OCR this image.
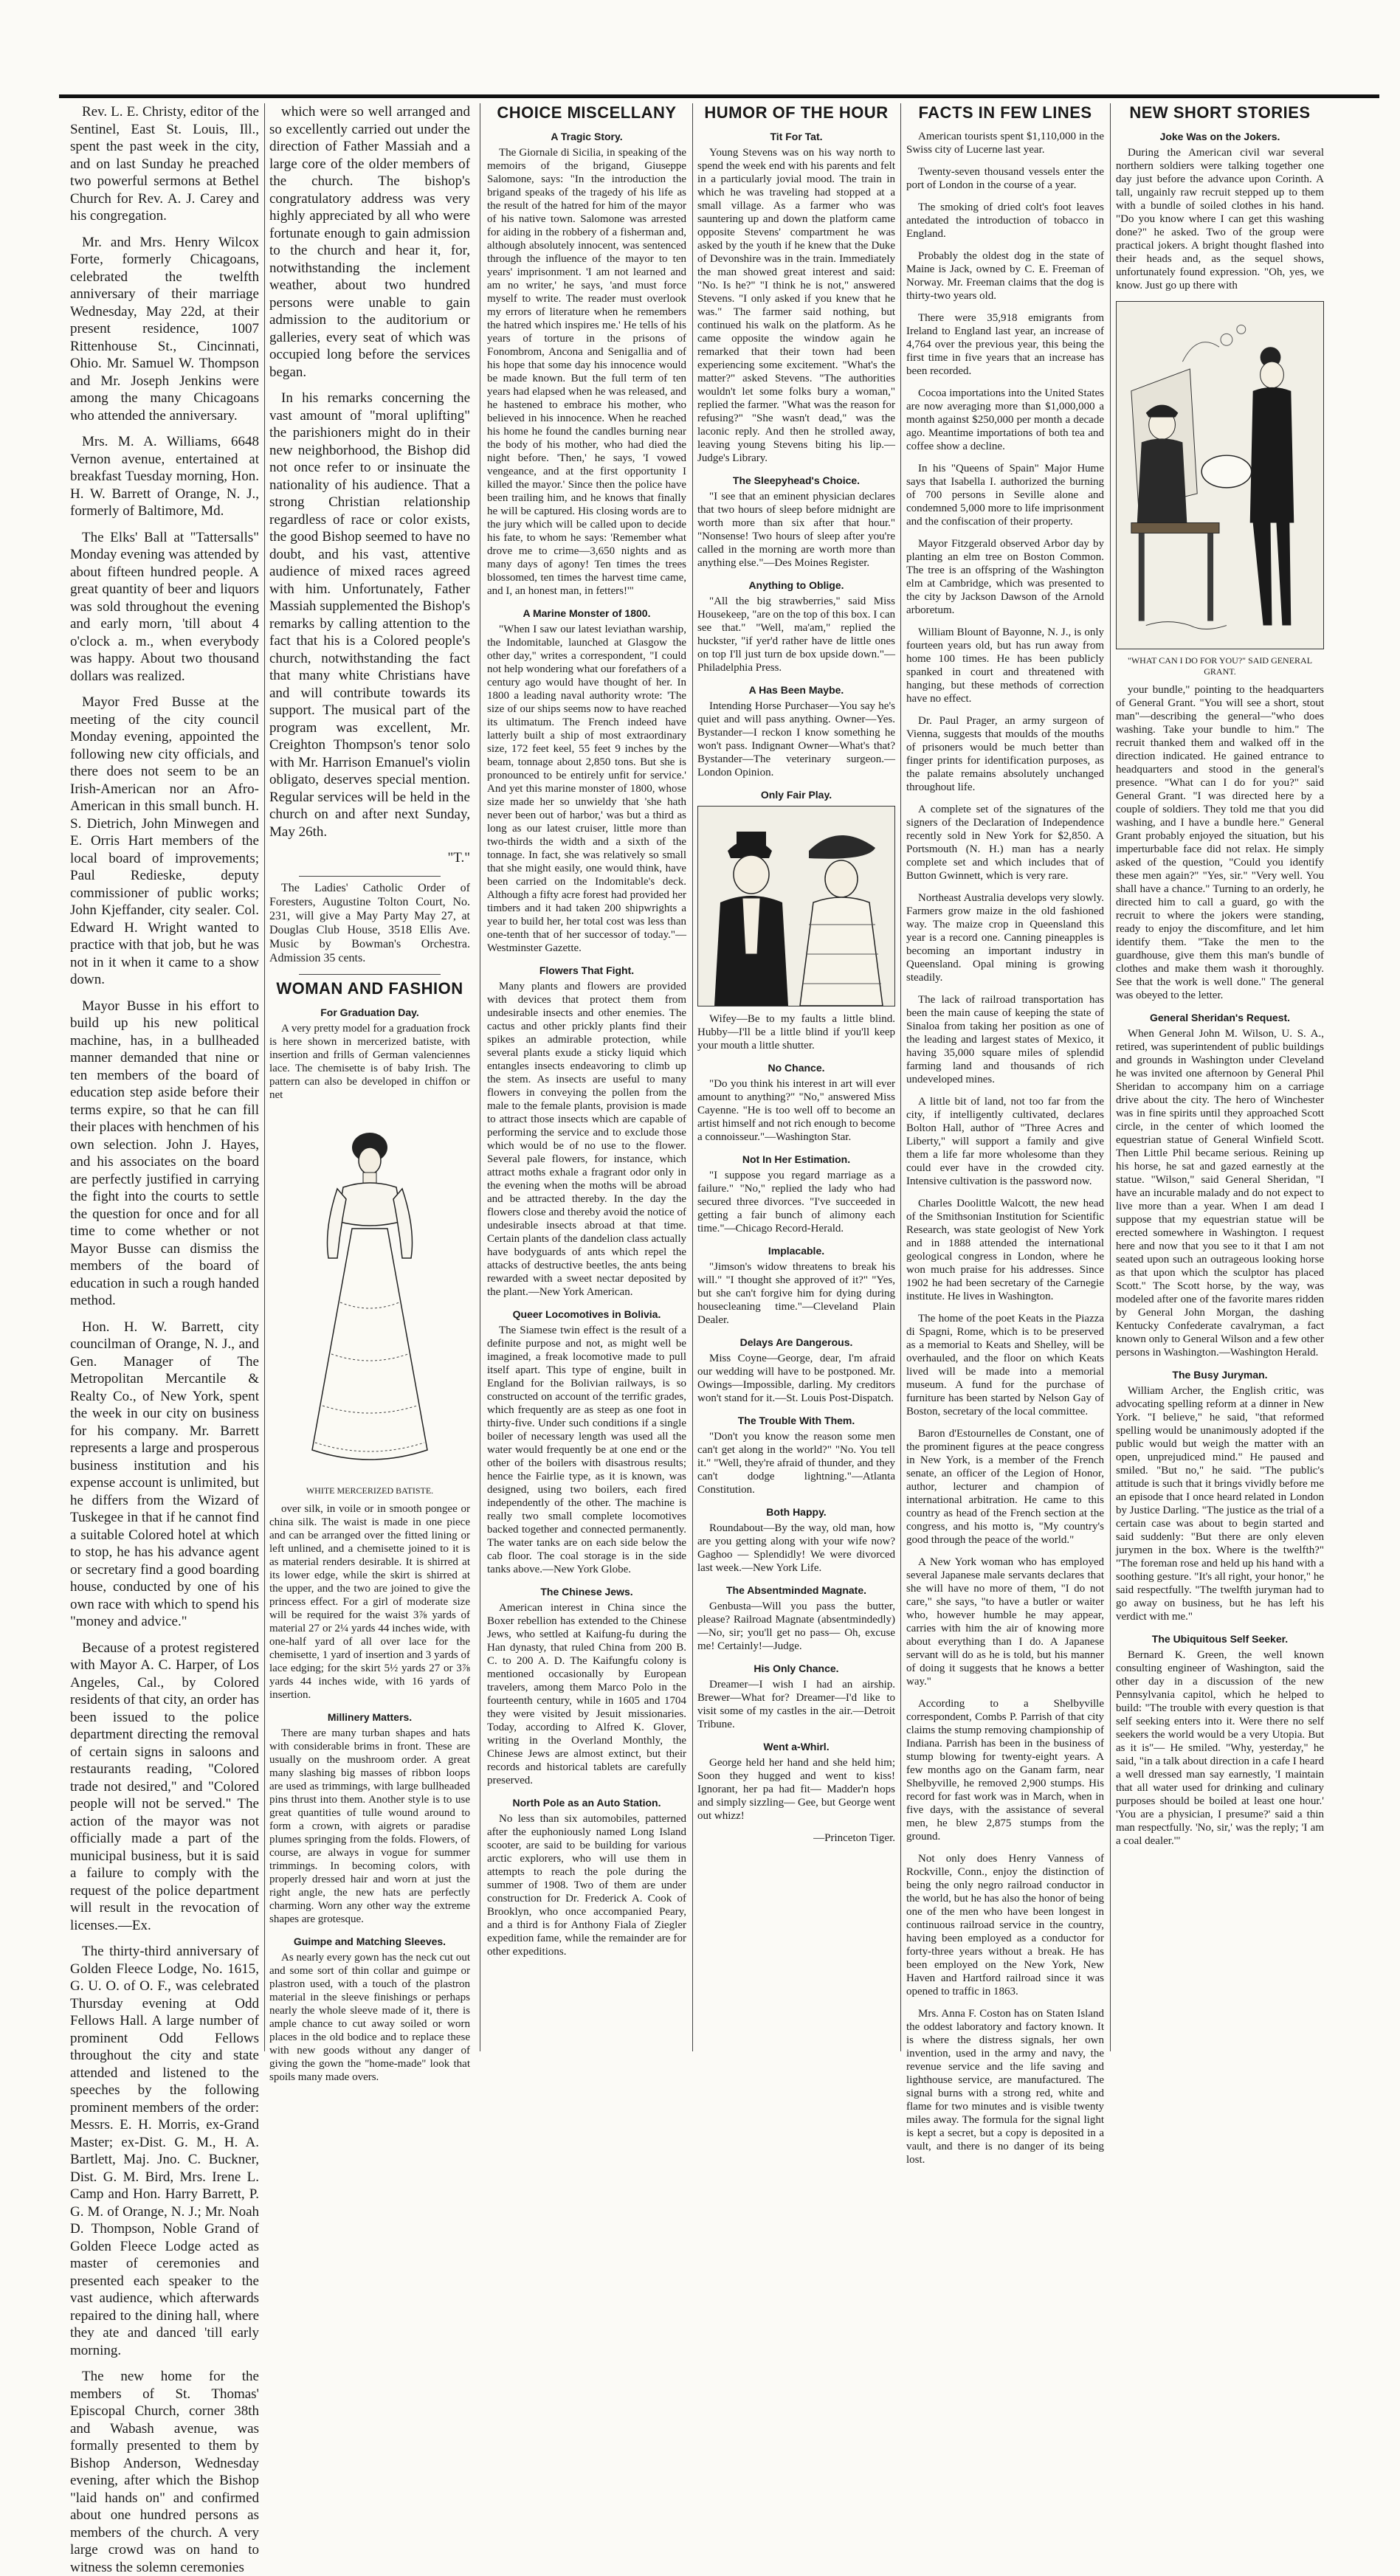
Rev. L. E. Christy, editor of the Sentinel, East St. Louis, Ill., spent the past week in the city, and on last Sunday he preached two powerful sermons at Bethel Church for Rev. A. J. Carey and his congregation.

Mr. and Mrs. Henry Wilcox Forte, formerly Chicagoans, celebrated the twelfth anniversary of their marriage Wednesday, May 22d, at their present residence, 1007 Rittenhouse St., Cincinnati, Ohio. Mr. Samuel W. Thompson and Mr. Joseph Jenkins were among the many Chicagoans who attended the anniversary.

Mrs. M. A. Williams, 6648 Vernon avenue, entertained at breakfast Tuesday morning, Hon. H. W. Barrett of Orange, N. J., formerly of Baltimore, Md.

The Elks' Ball at "Tattersalls" Monday evening was attended by about fifteen hundred people. A great quantity of beer and liquors was sold throughout the evening and early morn, 'till about 4 o'clock a. m., when everybody was happy. About two thousand dollars was realized.

Mayor Fred Busse at the meeting of the city council Monday evening, appointed the following new city officials, and there does not seem to be an Irish-American nor an Afro-American in this small bunch. H. S. Dietrich, John Minwegen and E. Orris Hart members of the local board of improvements; Paul Redieske, deputy commissioner of public works; John Kjeffander, city sealer. Col. Edward H. Wright wanted to practice with that job, but he was not in it when it came to a show down.

Mayor Busse in his effort to build up his new political machine, has, in a bullheaded manner demanded that nine or ten members of the board of education step aside before their terms expire, so that he can fill their places with henchmen of his own selection. John J. Hayes, and his associates on the board are perfectly justified in carrying the fight into the courts to settle the question for once and for all time to come whether or not Mayor Busse can dismiss the members of the board of education in such a rough handed method.

Hon. H. W. Barrett, city councilman of Orange, N. J., and Gen. Manager of The Metropolitan Mercantile & Realty Co., of New York, spent the week in our city on business for his company. Mr. Barrett represents a large and prosperous business institution and his expense account is unlimited, but he differs from the Wizard of Tuskegee in that if he cannot find a suitable Colored hotel at which to stop, he has his advance agent or secretary find a good boarding house, conducted by one of his own race with which to spend his "money and advice."

Because of a protest registered with Mayor A. C. Harper, of Los Angeles, Cal., by Colored residents of that city, an order has been issued to the police department directing the removal of certain signs in saloons and restaurants reading, "Colored trade not desired," and "Colored people will not be served." The action of the mayor was not officially made a part of the municipal business, but it is said a failure to comply with the request of the police department will result in the revocation of licenses.—Ex.

The thirty-third anniversary of Golden Fleece Lodge, No. 1615, G. U. O. of O. F., was celebrated Thursday evening at Odd Fellows Hall. A large number of prominent Odd Fellows throughout the city and state attended and listened to the speeches by the following prominent members of the order: Messrs. E. H. Morris, ex-Grand Master; ex-Dist. G. M., H. A. Bartlett, Maj. Jno. C. Buckner, Dist. G. M. Bird, Mrs. Irene L. Camp and Hon. Harry Barrett, P. G. M. of Orange, N. J.; Mr. Noah D. Thompson, Noble Grand of Golden Fleece Lodge acted as master of ceremonies and presented each speaker to the vast audience, which afterwards repaired to the dining hall, where they ate and danced 'till early morning.

The new home for the members of St. Thomas' Episcopal Church, corner 38th and Wabash avenue, was formally presented to them by Bishop Anderson, Wednesday evening, after which the Bishop "laid hands on" and confirmed about one hundred persons as members of the church. A very large crowd was on hand to witness the solemn ceremonies

which were so well arranged and so excellently carried out under the direction of Father Massiah and a large core of the older members of the church. The bishop's congratulatory address was very highly appreciated by all who were fortunate enough to gain admission to the church and hear it, for, notwithstanding the inclement weather, about two hundred persons were unable to gain admission to the auditorium or galleries, every seat of which was occupied long before the services began.

In his remarks concerning the vast amount of "moral uplifting" the parishioners might do in their new neighborhood, the Bishop did not once refer to or insinuate the nationality of his audience. That a strong Christian relationship regardless of race or color exists, the good Bishop seemed to have no doubt, and his vast, attentive audience of mixed races agreed with him. Unfortunately, Father Massiah supplemented the Bishop's remarks by calling attention to the fact that his is a Colored people's church, notwithstanding the fact that many white Christians have and will contribute towards its support. The musical part of the program was excellent, Mr. Creighton Thompson's tenor solo with Mr. Harrison Emanuel's violin obligato, deserves special mention. Regular services will be held in the church on and after next Sunday, May 26th.

"T."

The Ladies' Catholic Order of Foresters, Augustine Tolton Court, No. 231, will give a May Party May 27, at Douglas Club House, 3518 Ellis Ave. Music by Bowman's Orchestra. Admission 35 cents.

WOMAN AND FASHION
For Graduation Day.

A very pretty model for a graduation frock is here shown in mercerized batiste, with insertion and frills of German valenciennes lace. The chemisette is of baby Irish. The pattern can also be developed in chiffon or net

WHITE MERCERIZED BATISTE.

over silk, in voile or in smooth pongee or china silk. The waist is made in one piece and can be arranged over the fitted lining or left unlined, and a chemisette joined to it is as material renders desirable. It is shirred at its lower edge, while the skirt is shirred at the upper, and the two are joined to give the princess effect. For a girl of moderate size will be required for the waist 3⅞ yards of material 27 or 2¼ yards 44 inches wide, with one-half yard of all over lace for the chemisette, 1 yard of insertion and 3 yards of lace edging; for the skirt 5½ yards 27 or 3⅞ yards 44 inches wide, with 16 yards of insertion.

Millinery Matters.

There are many turban shapes and hats with considerable brims in front. These are usually on the mushroom order. A great many slashing big masses of ribbon loops are used as trimmings, with large bullheaded pins thrust into them. Another style is to use great quantities of tulle wound around to form a crown, with aigrets or paradise plumes springing from the folds. Flowers, of course, are always in vogue for summer trimmings. In becoming colors, with properly dressed hair and worn at just the right angle, the new hats are perfectly charming. Worn any other way the extreme shapes are grotesque.

Guimpe and Matching Sleeves.

As nearly every gown has the neck cut out and some sort of thin collar and guimpe or plastron used, with a touch of the plastron material in the sleeve finishings or perhaps nearly the whole sleeve made of it, there is ample chance to cut away soiled or worn places in the old bodice and to replace these with new goods without any danger of giving the gown the "home-made" look that spoils many made overs.

CHOICE MISCELLANY
A Tragic Story.

The Giornale di Sicilia, in speaking of the memoirs of the brigand, Giuseppe Salomone, says: "In the introduction the brigand speaks of the tragedy of his life as the result of the hatred for him of the mayor of his native town. Salomone was arrested for aiding in the robbery of a fisherman and, although absolutely innocent, was sentenced through the influence of the mayor to ten years' imprisonment. 'I am not learned and am no writer,' he says, 'and must force myself to write. The reader must overlook my errors of literature when he remembers the hatred which inspires me.' He tells of his years of torture in the prisons of Fonombrom, Ancona and Senigallia and of his hope that some day his innocence would be made known. But the full term of ten years had elapsed when he was released, and he hastened to embrace his mother, who believed in his innocence. When he reached his home he found the candles burning near the body of his mother, who had died the night before. 'Then,' he says, 'I vowed vengeance, and at the first opportunity I killed the mayor.' Since then the police have been trailing him, and he knows that finally he will be captured. His closing words are to the jury which will be called upon to decide his fate, to whom he says: 'Remember what drove me to crime—3,650 nights and as many days of agony! Ten times the trees blossomed, ten times the harvest time came, and I, an honest man, in fetters!'"

A Marine Monster of 1800.

"When I saw our latest leviathan warship, the Indomitable, launched at Glasgow the other day," writes a correspondent, "I could not help wondering what our forefathers of a century ago would have thought of her. In 1800 a leading naval authority wrote: 'The size of our ships seems now to have reached its ultimatum. The French indeed have latterly built a ship of most extraordinary size, 172 feet keel, 55 feet 9 inches by the beam, tonnage about 2,850 tons. But she is pronounced to be entirely unfit for service.' And yet this marine monster of 1800, whose size made her so unwieldy that 'she hath never been out of harbor,' was but a third as long as our latest cruiser, little more than two-thirds the width and a sixth of the tonnage. In fact, she was relatively so small that she might easily, one would think, have been carried on the Indomitable's deck. Although a fifty acre forest had provided her timbers and it had taken 200 shipwrights a year to build her, her total cost was less than one-tenth that of her successor of today."—Westminster Gazette.

Flowers That Fight.

Many plants and flowers are provided with devices that protect them from undesirable insects and other enemies. The cactus and other prickly plants find their spikes an admirable protection, while several plants exude a sticky liquid which entangles insects endeavoring to climb up the stem. As insects are useful to many flowers in conveying the pollen from the male to the female plants, provision is made to attract those insects which are capable of performing the service and to exclude those which would be of no use to the flower. Several pale flowers, for instance, which attract moths exhale a fragrant odor only in the evening when the moths will be abroad and be attracted thereby. In the day the flowers close and thereby avoid the notice of undesirable insects abroad at that time. Certain plants of the dandelion class actually have bodyguards of ants which repel the attacks of destructive beetles, the ants being rewarded with a sweet nectar deposited by the plant.—New York American.

Queer Locomotives in Bolivia.

The Siamese twin effect is the result of a definite purpose and not, as might well be imagined, a freak locomotive made to pull itself apart. This type of engine, built in England for the Bolivian railways, is so constructed on account of the terrific grades, which frequently are as steep as one foot in thirty-five. Under such conditions if a single boiler of necessary length was used all the water would frequently be at one end or the other of the boilers with disastrous results; hence the Fairlie type, as it is known, was designed, using two boilers, each fired independently of the other. The machine is really two small complete locomotives backed together and connected permanently. The water tanks are on each side below the cab floor. The coal storage is in the side tanks above.—New York Globe.

The Chinese Jews.

American interest in China since the Boxer rebellion has extended to the Chinese Jews, who settled at Kaifung-fu during the Han dynasty, that ruled China from 200 B. C. to 200 A. D. The Kaifungfu colony is mentioned occasionally by European travelers, among them Marco Polo in the fourteenth century, while in 1605 and 1704 they were visited by Jesuit missionaries. Today, according to Alfred K. Glover, writing in the Overland Monthly, the Chinese Jews are almost extinct, but their records and historical tablets are carefully preserved.

North Pole as an Auto Station.

No less than six automobiles, patterned after the euphoniously named Long Island scooter, are said to be building for various arctic explorers, who will use them in attempts to reach the pole during the summer of 1908. Two of them are under construction for Dr. Frederick A. Cook of Brooklyn, who once accompanied Peary, and a third is for Anthony Fiala of Ziegler expedition fame, while the remainder are for other expeditions.

HUMOR OF THE HOUR
Tit For Tat.

Young Stevens was on his way north to spend the week end with his parents and felt in a particularly jovial mood. The train in which he was traveling had stopped at a small village. As a farmer who was sauntering up and down the platform came opposite Stevens' compartment he was asked by the youth if he knew that the Duke of Devonshire was in the train. Immediately the man showed great interest and said: "No. Is he?" "I think he is not," answered Stevens. "I only asked if you knew that he was." The farmer said nothing, but continued his walk on the platform. As he came opposite the window again he remarked that their town had been experiencing some excitement. "What's the matter?" asked Stevens. "The authorities wouldn't let some folks bury a woman," replied the farmer. "What was the reason for refusing?" "She wasn't dead," was the laconic reply. And then he strolled away, leaving young Stevens biting his lip.—Judge's Library.

The Sleepyhead's Choice.

"I see that an eminent physician declares that two hours of sleep before midnight are worth more than six after that hour." "Nonsense! Two hours of sleep after you're called in the morning are worth more than anything else."—Des Moines Register.

Anything to Oblige.

"All the big strawberries," said Miss Housekeep, "are on the top of this box. I can see that." "Well, ma'am," replied the huckster, "if yer'd rather have de little ones on top I'll just turn de box upside down."—Philadelphia Press.

A Has Been Maybe.

Intending Horse Purchaser—You say he's quiet and will pass anything. Owner—Yes. Bystander—I reckon I know something he won't pass. Indignant Owner—What's that? Bystander—The veterinary surgeon.—London Opinion.

Only Fair Play.

Wifey—Be to my faults a little blind. Hubby—I'll be a little blind if you'll keep your mouth a little shutter.

No Chance.

"Do you think his interest in art will ever amount to anything?" "No," answered Miss Cayenne. "He is too well off to become an artist himself and not rich enough to become a connoisseur."—Washington Star.

Not In Her Estimation.

"I suppose you regard marriage as a failure." "No," replied the lady who had secured three divorces. "I've succeeded in getting a fair bunch of alimony each time."—Chicago Record-Herald.

Implacable.

"Jimson's widow threatens to break his will." "I thought she approved of it?" "Yes, but she can't forgive him for dying during housecleaning time."—Cleveland Plain Dealer.

Delays Are Dangerous.

Miss Coyne—George, dear, I'm afraid our wedding will have to be postponed. Mr. Owings—Impossible, darling. My creditors won't stand for it.—St. Louis Post-Dispatch.

The Trouble With Them.

"Don't you know the reason some men can't get along in the world?" "No. You tell it." "Well, they're afraid of thunder, and they can't dodge lightning."—Atlanta Constitution.

Both Happy.

Roundabout—By the way, old man, how are you getting along with your wife now? Gaghoo — Splendidly! We were divorced last week.—New York Life.

The Absentminded Magnate.

Genbusta—Will you pass the butter, please? Railroad Magnate (absentmindedly)—No, sir; you'll get no pass— Oh, excuse me! Certainly!—Judge.

His Only Chance.

Dreamer—I wish I had an airship. Brewer—What for? Dreamer—I'd like to visit some of my castles in the air.—Detroit Tribune.

Went a-Whirl.

George held her hand and she held him; Soon they hugged and went to kiss! Ignorant, her pa had fit— Madder'n hops and simply sizzling— Gee, but George went out whizz!

—Princeton Tiger.

FACTS IN FEW LINES

American tourists spent $1,110,000 in the Swiss city of Lucerne last year.

Twenty-seven thousand vessels enter the port of London in the course of a year.

The smoking of dried colt's foot leaves antedated the introduction of tobacco in England.

Probably the oldest dog in the state of Maine is Jack, owned by C. E. Freeman of Norway. Mr. Freeman claims that the dog is thirty-two years old.

There were 35,918 emigrants from Ireland to England last year, an increase of 4,764 over the previous year, this being the first time in five years that an increase has been recorded.

Cocoa importations into the United States are now averaging more than $1,000,000 a month against $250,000 per month a decade ago. Meantime importations of both tea and coffee show a decline.

In his "Queens of Spain" Major Hume says that Isabella I. authorized the burning of 700 persons in Seville alone and condemned 5,000 more to life imprisonment and the confiscation of their property.

Mayor Fitzgerald observed Arbor day by planting an elm tree on Boston Common. The tree is an offspring of the Washington elm at Cambridge, which was presented to the city by Jackson Dawson of the Arnold arboretum.

William Blount of Bayonne, N. J., is only fourteen years old, but has run away from home 100 times. He has been publicly spanked in court and threatened with hanging, but these methods of correction have no effect.

Dr. Paul Prager, an army surgeon of Vienna, suggests that moulds of the mouths of prisoners would be much better than finger prints for identification purposes, as the palate remains absolutely unchanged throughout life.

A complete set of the signatures of the signers of the Declaration of Independence recently sold in New York for $2,850. A Portsmouth (N. H.) man has a nearly complete set and which includes that of Button Gwinnett, which is very rare.

Northeast Australia develops very slowly. Farmers grow maize in the old fashioned way. The maize crop in Queensland this year is a record one. Canning pineapples is becoming an important industry in Queensland. Opal mining is growing steadily.

The lack of railroad transportation has been the main cause of keeping the state of Sinaloa from taking her position as one of the leading and largest states of Mexico, it having 35,000 square miles of splendid farming land and thousands of rich undeveloped mines.

A little bit of land, not too far from the city, if intelligently cultivated, declares Bolton Hall, author of "Three Acres and Liberty," will support a family and give them a life far more wholesome than they could ever have in the crowded city. Intensive cultivation is the password now.

Charles Doolittle Walcott, the new head of the Smithsonian Institution for Scientific Research, was state geologist of New York and in 1888 attended the international geological congress in London, where he won much praise for his addresses. Since 1902 he had been secretary of the Carnegie institute. He lives in Washington.

The home of the poet Keats in the Piazza di Spagni, Rome, which is to be preserved as a memorial to Keats and Shelley, will be overhauled, and the floor on which Keats lived will be made into a memorial museum. A fund for the purchase of furniture has been started by Nelson Gay of Boston, secretary of the local committee.

Baron d'Estournelles de Constant, one of the prominent figures at the peace congress in New York, is a member of the French senate, an officer of the Legion of Honor, author, lecturer and champion of international arbitration. He came to this country as head of the French section at the congress, and his motto is, "My country's good through the peace of the world."

A New York woman who has employed several Japanese male servants declares that she will have no more of them, "I do not care," she says, "to have a butler or waiter who, however humble he may appear, carries with him the air of knowing more about everything than I do. A Japanese servant will do as he is told, but his manner of doing it suggests that he knows a better way."

According to a Shelbyville correspondent, Combs P. Parrish of that city claims the stump removing championship of Indiana. Parrish has been in the business of stump blowing for twenty-eight years. A few months ago on the Ganam farm, near Shelbyville, he removed 2,900 stumps. His record for fast work was in March, when in five days, with the assistance of several men, he blew 2,875 stumps from the ground.

Not only does Henry Vanness of Rockville, Conn., enjoy the distinction of being the only negro railroad conductor in the world, but he has also the honor of being one of the men who have been longest in continuous railroad service in the country, having been employed as a conductor for forty-three years without a break. He has been employed on the New York, New Haven and Hartford railroad since it was opened to traffic in 1863.

Mrs. Anna F. Coston has on Staten Island the oddest laboratory and factory known. It is where the distress signals, her own invention, used in the army and navy, the revenue service and the life saving and lighthouse service, are manufactured. The signal burns with a strong red, white and flame for two minutes and is visible twenty miles away. The formula for the signal light is kept a secret, but a copy is deposited in a vault, and there is no danger of its being lost.

NEW SHORT STORIES
Joke Was on the Jokers.

During the American civil war several northern soldiers were talking together one day just before the advance upon Corinth. A tall, ungainly raw recruit stepped up to them with a bundle of soiled clothes in his hand. "Do you know where I can get this washing done?" he asked. Two of the group were practical jokers. A bright thought flashed into their heads and, as the sequel shows, unfortunately found expression. "Oh, yes, we know. Just go up there with

"WHAT CAN I DO FOR YOU?" SAID GENERAL GRANT.

your bundle," pointing to the headquarters of General Grant. "You will see a short, stout man"—describing the general—"who does washing. Take your bundle to him." The recruit thanked them and walked off in the direction indicated. He gained entrance to headquarters and stood in the general's presence. "What can I do for you?" said General Grant. "I was directed here by a couple of soldiers. They told me that you did washing, and I have a bundle here." General Grant probably enjoyed the situation, but his imperturbable face did not relax. He simply asked of the question, "Could you identify these men again?" "Yes, sir." "Very well. You shall have a chance." Turning to an orderly, he directed him to call a guard, go with the recruit to where the jokers were standing, ready to enjoy the discomfiture, and let him identify them. "Take the men to the guardhouse, give them this man's bundle of clothes and make them wash it thoroughly. See that the work is well done." The general was obeyed to the letter.

General Sheridan's Request.

When General John M. Wilson, U. S. A., retired, was superintendent of public buildings and grounds in Washington under Cleveland he was invited one afternoon by General Phil Sheridan to accompany him on a carriage drive about the city. The hero of Winchester was in fine spirits until they approached Scott circle, in the center of which loomed the equestrian statue of General Winfield Scott. Then Little Phil became serious. Reining up his horse, he sat and gazed earnestly at the statue. "Wilson," said General Sheridan, "I have an incurable malady and do not expect to live more than a year. When I am dead I suppose that my equestrian statue will be erected somewhere in Washington. I request here and now that you see to it that I am not seated upon such an outrageous looking horse as that upon which the sculptor has placed Scott." The Scott horse, by the way, was modeled after one of the favorite mares ridden by General John Morgan, the dashing Kentucky Confederate cavalryman, a fact known only to General Wilson and a few other persons in Washington.—Washington Herald.

The Busy Juryman.

William Archer, the English critic, was advocating spelling reform at a dinner in New York. "I believe," he said, "that reformed spelling would be unanimously adopted if the public would but weigh the matter with an open, unprejudiced mind." He paused and smiled. "But no," he said. "The public's attitude is such that it brings vividly before me an episode that I once heard related in London by Justice Darling. "The justice as the trial of a certain case was about to begin started and said suddenly: "But there are only eleven jurymen in the box. Where is the twelfth?" "The foreman rose and held up his hand with a soothing gesture. "It's all right, your honor," he said respectfully. "The twelfth juryman had to go away on business, but he has left his verdict with me."

The Ubiquitous Self Seeker.

Bernard K. Green, the well known consulting engineer of Washington, said the other day in a discussion of the new Pennsylvania capitol, which he helped to build: "The trouble with every question is that self seeking enters into it. Were there no self seekers the world would be a very Utopia. But as it is"— He smiled. "Why, yesterday," he said, "in a talk about direction in a cafe I heard a well dressed man say earnestly, 'I maintain that all water used for drinking and culinary purposes should be boiled at least one hour.' 'You are a physician, I presume?' said a thin man respectfully. 'No, sir,' was the reply; 'I am a coal dealer.'"
